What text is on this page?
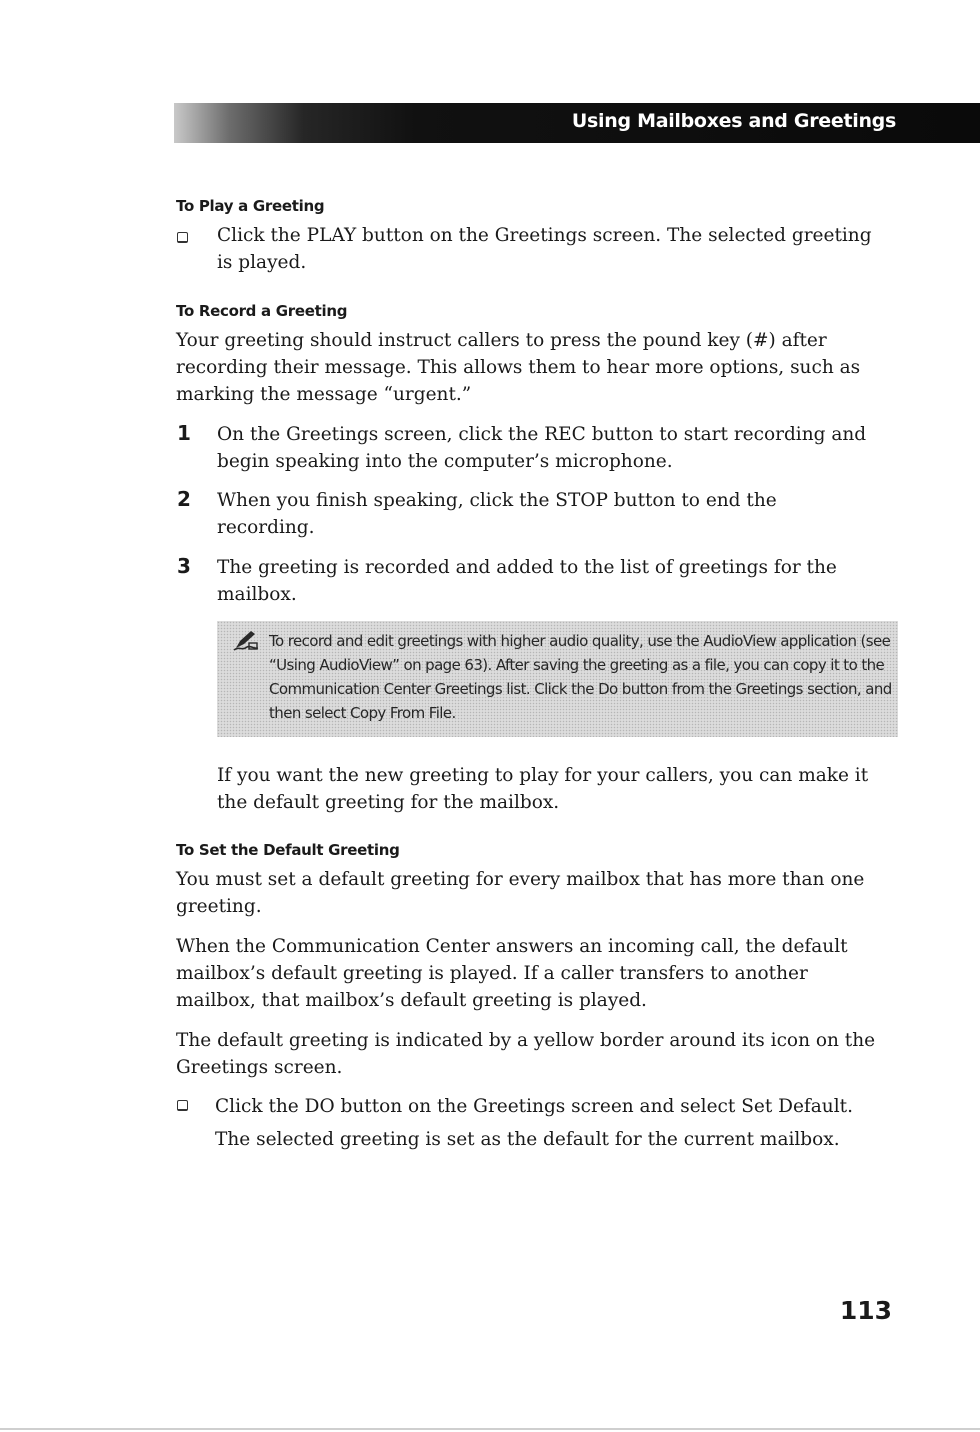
Using Mailboxes and Greetings
To Play a Greeting

Click the PLAY button on the Greetings screen. The selected greeting is played.

To Record a Greeting

Your greeting should instruct callers to press the pound key (#) after recording their message. This allows them to hear more options, such as marking the message “urgent.”

1 On the Greetings screen, click the REC button to start recording and begin speaking into the computer’s microphone.

2 When you finish speaking, click the STOP button to end the recording.

3 The greeting is recorded and added to the list of greetings for the mailbox.

To record and edit greetings with higher audio quality, use the AudioView application (see “Using AudioView” on page 63). After saving the greeting as a file, you can copy it to the Communication Center Greetings list. Click the Do button from the Greetings section, and then select Copy From File.

If you want the new greeting to play for your callers, you can make it the default greeting for the mailbox.

To Set the Default Greeting

You must set a default greeting for every mailbox that has more than one greeting.

When the Communication Center answers an incoming call, the default mailbox’s default greeting is played. If a caller transfers to another mailbox, that mailbox’s default greeting is played.

The default greeting is indicated by a yellow border around its icon on the Greetings screen.

Click the DO button on the Greetings screen and select Set Default.

The selected greeting is set as the default for the current mailbox.

113
